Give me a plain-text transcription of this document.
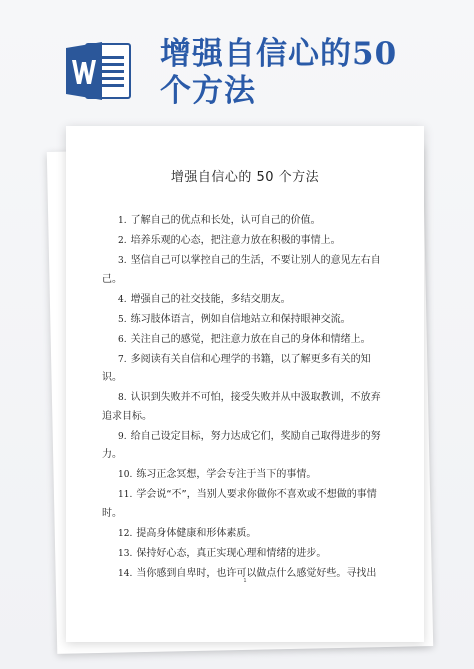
增强自信心的50
个方法
增强自信心的 50 个方法
1. 了解自己的优点和长处，认可自己的价值。
2. 培养乐观的心态，把注意力放在积极的事情上。
3. 坚信自己可以掌控自己的生活，不要让别人的意见左右自己。
4. 增强自己的社交技能，多结交朋友。
5. 练习肢体语言，例如自信地站立和保持眼神交流。
6. 关注自己的感觉，把注意力放在自己的身体和情绪上。
7. 多阅读有关自信和心理学的书籍，以了解更多有关的知识。
8. 认识到失败并不可怕，接受失败并从中汲取教训，不放弃追求目标。
9. 给自己设定目标，努力达成它们，奖励自己取得进步的努力。
10. 练习正念冥想，学会专注于当下的事情。
11. 学会说“不”，当别人要求你做你不喜欢或不想做的事情时。
12. 提高身体健康和形体素质。
13. 保持好心态，真正实现心理和情绪的进步。
14. 当你感到自卑时，也许可以做点什么感觉好些。寻找出
1
